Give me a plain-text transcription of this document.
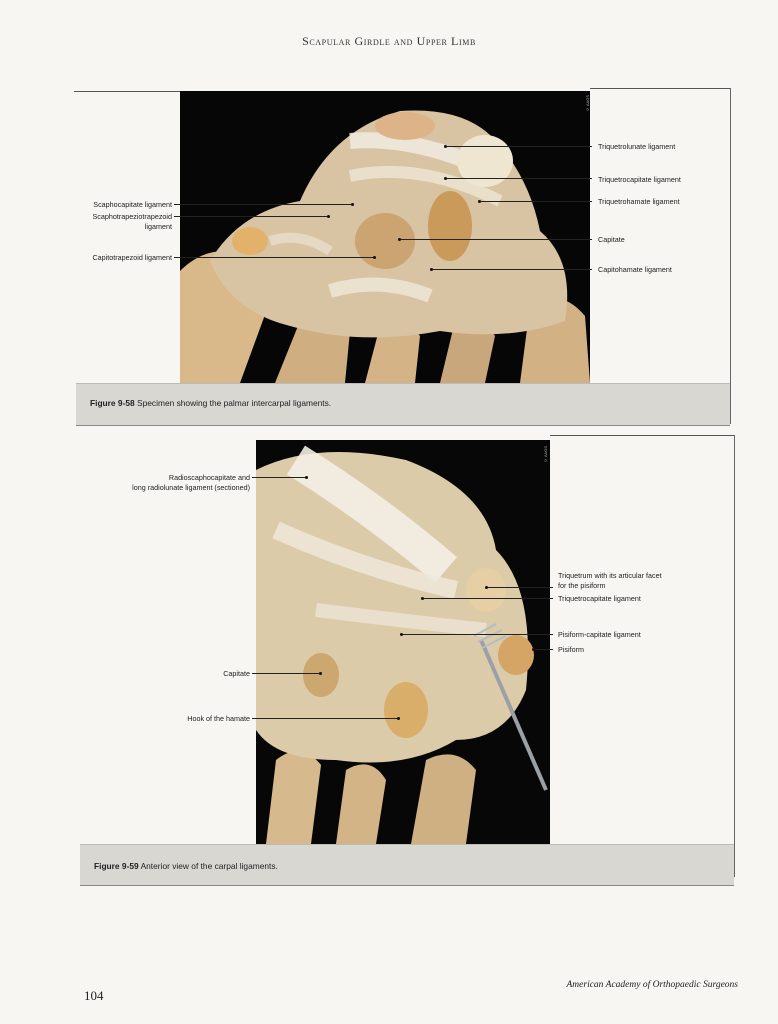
Scapular Girdle and Upper Limb
© AAOS
Scaphocapitate ligament
Scaphotrapeziotrapezoid
ligament
Capitotrapezoid ligament
Triquetrolunate ligament
Triquetrocapitate ligament
Triquetrohamate ligament
Capitate
Capitohamate ligament
Figure 9-58 Specimen showing the palmar intercarpal ligaments.
© AAOS
Radioscaphocapitate and
long radiolunate ligament (sectioned)
Capitate
Hook of the hamate
Triquetrum with its articular facet
for the pisiform
Triquetrocapitate ligament
Pisiform-capitate ligament
Pisiform
Figure 9-59 Anterior view of the carpal ligaments.
104
American Academy of Orthopaedic Surgeons
